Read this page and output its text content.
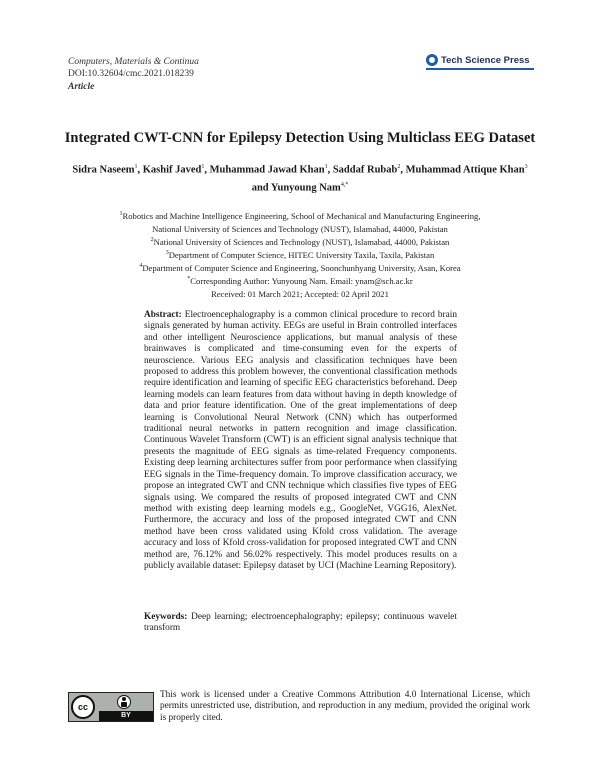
Computers, Materials & Continua
DOI:10.32604/cmc.2021.018239
Article
Tech Science Press
Integrated CWT-CNN for Epilepsy Detection Using Multiclass EEG Dataset
Sidra Naseem$^1$, Kashif Javed$^1$, Muhammad Jawad Khan$^1$, Saddaf Rubab$^2$, Muhammad Attique Khan$^3$
and Yunyoung Nam$^{4,*}$
$^1$Robotics and Machine Intelligence Engineering, School of Mechanical and Manufacturing Engineering,
National University of Sciences and Technology (NUST), Islamabad, 44000, Pakistan
$^2$National University of Sciences and Technology (NUST), Islamabad, 44000, Pakistan
$^3$Department of Computer Science, HITEC University Taxila, Taxila, Pakistan
$^4$Department of Computer Science and Engineering, Soonchunhyang University, Asan, Korea
*Corresponding Author: Yunyoung Nam. Email: ynam@sch.ac.kr
Received: 01 March 2021; Accepted: 02 April 2021
Abstract: Electroencephalography is a common clinical procedure to record brain signals generated by human activity. EEGs are useful in Brain controlled interfaces and other intelligent Neuroscience applications, but manual analysis of these brainwaves is complicated and time-consuming even for the experts of neuroscience. Various EEG analysis and classification techniques have been proposed to address this problem however, the conventional classification methods require identification and learning of specific EEG characteristics beforehand. Deep learning models can learn features from data without having in depth knowledge of data and prior feature identification. One of the great implementations of deep learning is Convolutional Neural Network (CNN) which has outperformed traditional neural networks in pattern recognition and image classification. Continuous Wavelet Transform (CWT) is an efficient signal analysis technique that presents the magnitude of EEG signals as time-related Frequency components. Existing deep learning architectures suffer from poor performance when classifying EEG signals in the Time-frequency domain. To improve classification accuracy, we propose an integrated CWT and CNN technique which classifies five types of EEG signals using. We compared the results of proposed integrated CWT and CNN method with existing deep learning models e.g., GoogleNet, VGG16, AlexNet. Furthermore, the accuracy and loss of the proposed integrated CWT and CNN method have been cross validated using Kfold cross validation. The average accuracy and loss of Kfold cross-validation for proposed integrated CWT and CNN method are, 76.12% and 56.02% respectively. This model produces results on a publicly available dataset: Epilepsy dataset by UCI (Machine Learning Repository).
Keywords: Deep learning; electroencephalography; epilepsy; continuous wavelet transform
cc
BY
This work is licensed under a Creative Commons Attribution 4.0 International License, which permits unrestricted use, distribution, and reproduction in any medium, provided the original work is properly cited.
